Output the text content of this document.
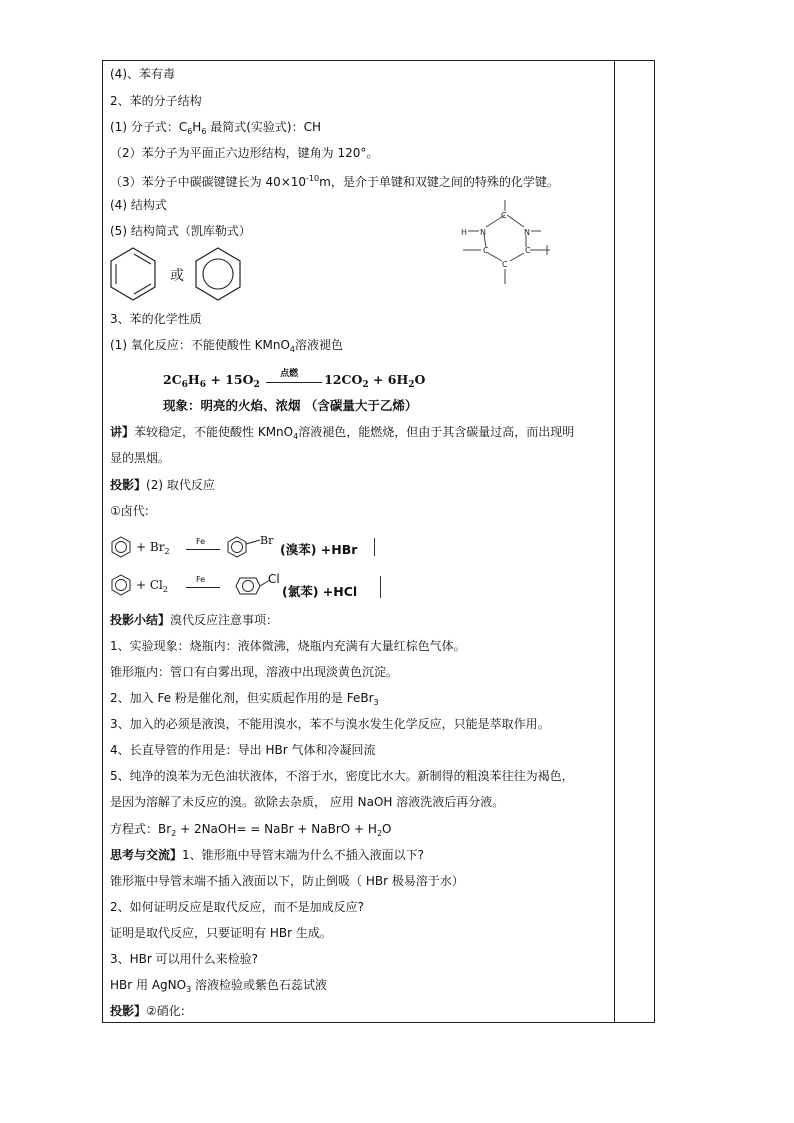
(4)、苯有毒
2、苯的分子结构
(1) 分子式：$C_6H_6$ 最简式(实验式)：CH
（2）苯分子为平面正六边形结构，键角为 120°。
（3）苯分子中碳碳键键长为 $40\times 10^{-10}m$，是介于单键和双键之间的特殊的化学键。
(4) 结构式
(5) 结构简式（凯库勒式）
C
N	N
H
C	C
C
或
3、苯的化学性质
(1) 氧化反应：不能使酸性 KMnO$_4$溶液褪色
$2C_6H_6 + 15O_2$
点燃 $12CO_2 + 6H_2O$
现象：明亮的火焰、浓烟 （含碳量大于乙烯）
讲】苯较稳定，不能使酸性 KMnO$_4$溶液褪色，能燃烧，但由于其含碳量过高，而出现明
显的黑烟。
投影】(2) 取代反应
①卤代:
+ $Br_2$
Fe	Br
(溴苯) +HBr
+ $Cl_2$
Fe	Cl
(氯苯) +HCl
投影小结】溴代反应注意事项：
1、实验现象：烧瓶内：液体微沸，烧瓶内充满有大量红棕色气体。
锥形瓶内：管口有白雾出现，溶液中出现淡黄色沉淀。
2、加入 Fe 粉是催化剂，但实质起作用的是 FeBr$_3$
3、加入的必须是液溴，不能用溴水，苯不与溴水发生化学反应，只能是萃取作用。
4、长直导管的作用是：导出 HBr 气体和冷凝回流
5、纯净的溴苯为无色油状液体，不溶于水，密度比水大。新制得的粗溴苯往往为褐色，
是因为溶解了未反应的溴。欲除去杂质， 应用 NaOH 溶液洗液后再分液。
方程式：$Br_2$ + 2NaOH= = NaBr + NaBrO + $H_2O$
思考与交流】1、锥形瓶中导管末端为什么不插入液面以下?
锥形瓶中导管末端不插入液面以下，防止倒吸（ HBr 极易溶于水）
2、如何证明反应是取代反应，而不是加成反应?
证明是取代反应，只要证明有 HBr 生成。
3、HBr 可以用什么来检验?
HBr 用 AgNO$_3$ 溶液检验或紫色石蕊试液
投影】②硝化:
